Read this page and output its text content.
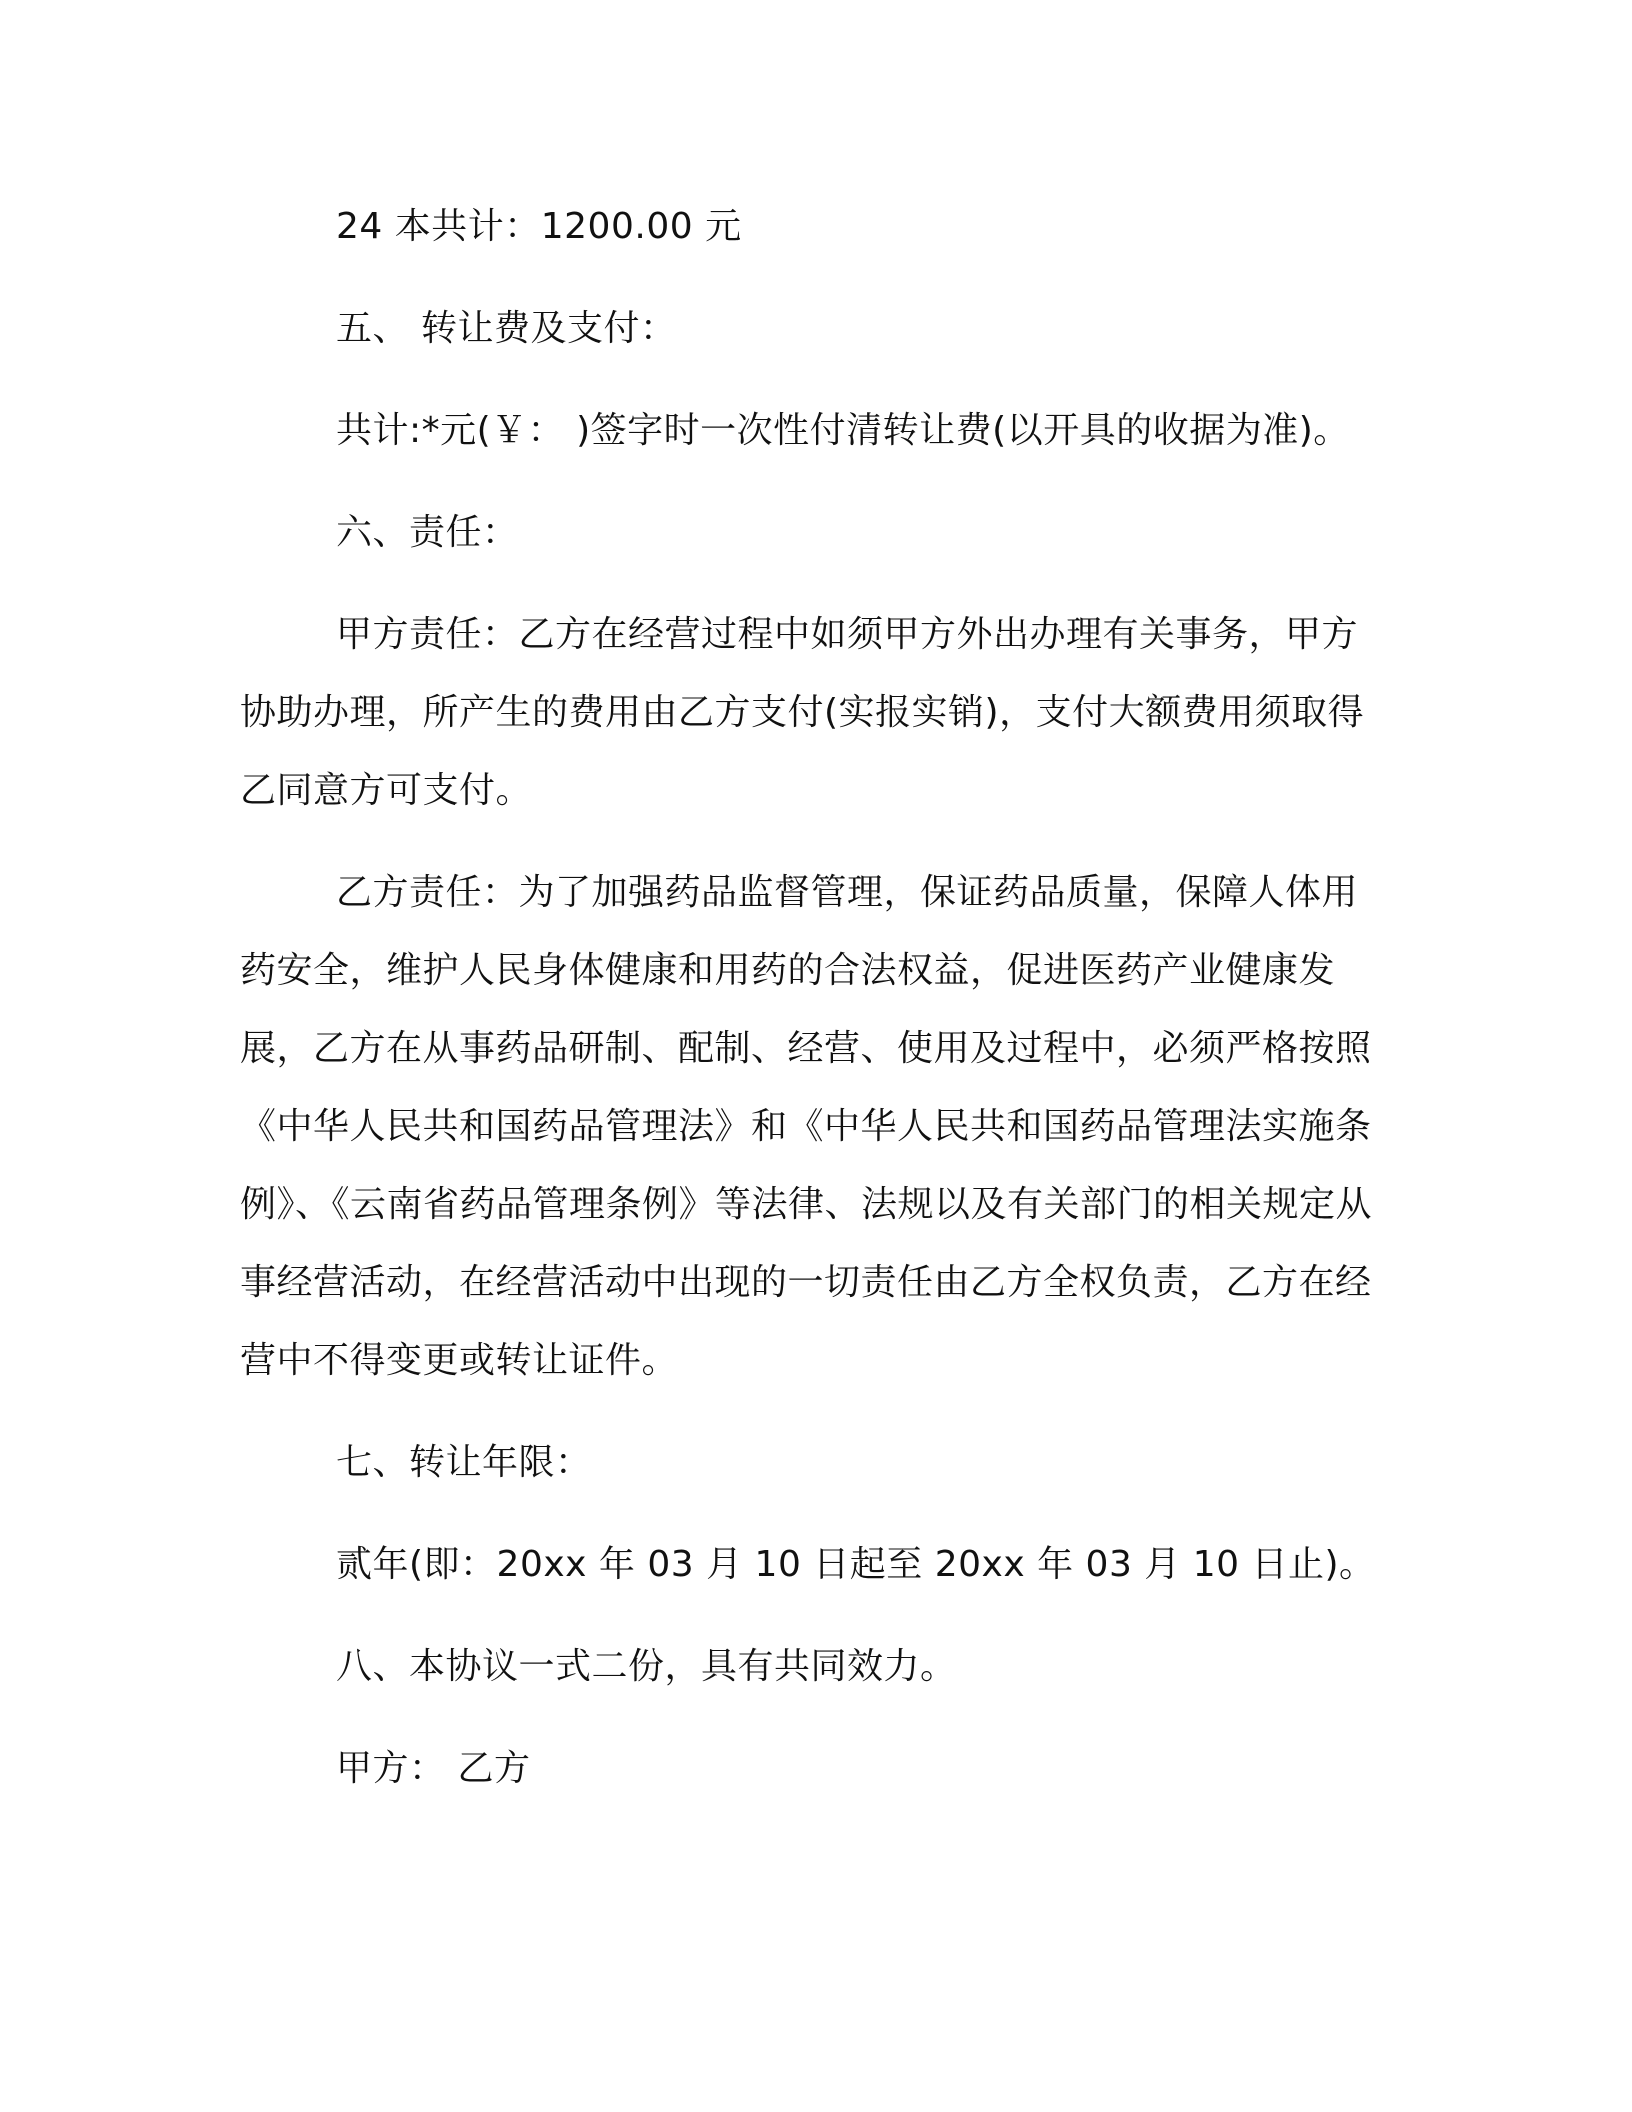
24 本共计：1200.00 元

五、 转让费及支付：

共计:*元(￥： )签字时一次性付清转让费(以开具的收据为准)。

六、责任：

甲方责任：乙方在经营过程中如须甲方外出办理有关事务，甲方协助办理，所产生的费用由乙方支付(实报实销)，支付大额费用须取得乙同意方可支付。

乙方责任：为了加强药品监督管理，保证药品质量，保障人体用药安全，维护人民身体健康和用药的合法权益，促进医药产业健康发展，乙方在从事药品研制、配制、经营、使用及过程中，必须严格按照《中华人民共和国药品管理法》和《中华人民共和国药品管理法实施条例》、《云南省药品管理条例》等法律、法规以及有关部门的相关规定从事经营活动，在经营活动中出现的一切责任由乙方全权负责，乙方在经营中不得变更或转让证件。

七、转让年限：

贰年(即：20xx 年 03 月 10 日起至 20xx 年 03 月 10 日止)。

八、本协议一式二份，具有共同效力。

甲方： 乙方
